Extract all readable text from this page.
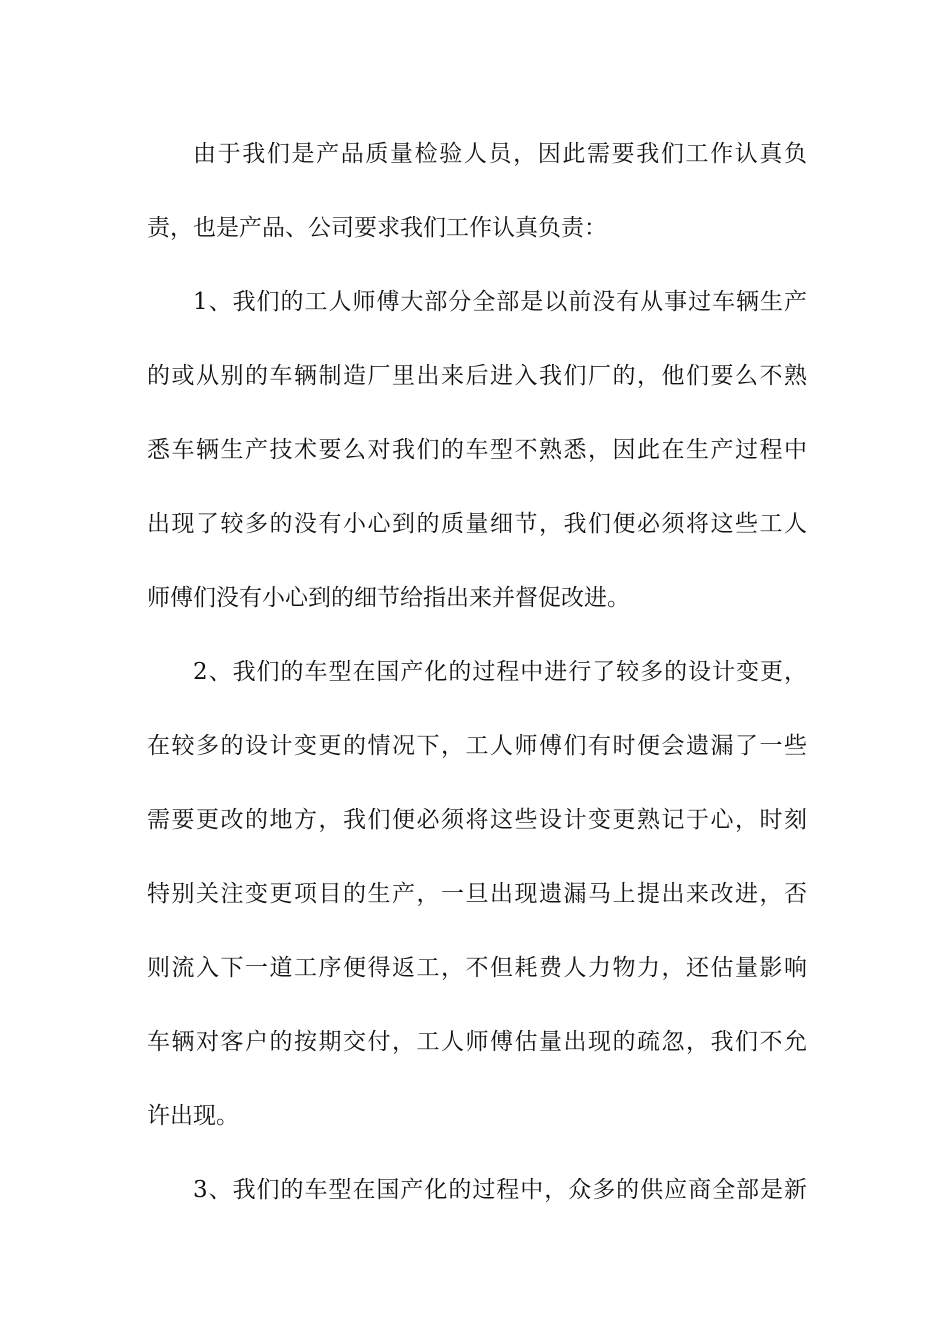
由于我们是产品质量检验人员，因此需要我们工作认真负
责，也是产品、公司要求我们工作认真负责：
1、我们的工人师傅大部分全部是以前没有从事过车辆生产
的或从别的车辆制造厂里出来后进入我们厂的，他们要么不熟
悉车辆生产技术要么对我们的车型不熟悉，因此在生产过程中
出现了较多的没有小心到的质量细节，我们便必须将这些工人
师傅们没有小心到的细节给指出来并督促改进。
2、我们的车型在国产化的过程中进行了较多的设计变更，
在较多的设计变更的情况下，工人师傅们有时便会遗漏了一些
需要更改的地方，我们便必须将这些设计变更熟记于心，时刻
特别关注变更项目的生产，一旦出现遗漏马上提出来改进，否
则流入下一道工序便得返工，不但耗费人力物力，还估量影响
车辆对客户的按期交付，工人师傅估量出现的疏忽，我们不允
许出现。
3、我们的车型在国产化的过程中，众多的供应商全部是新
